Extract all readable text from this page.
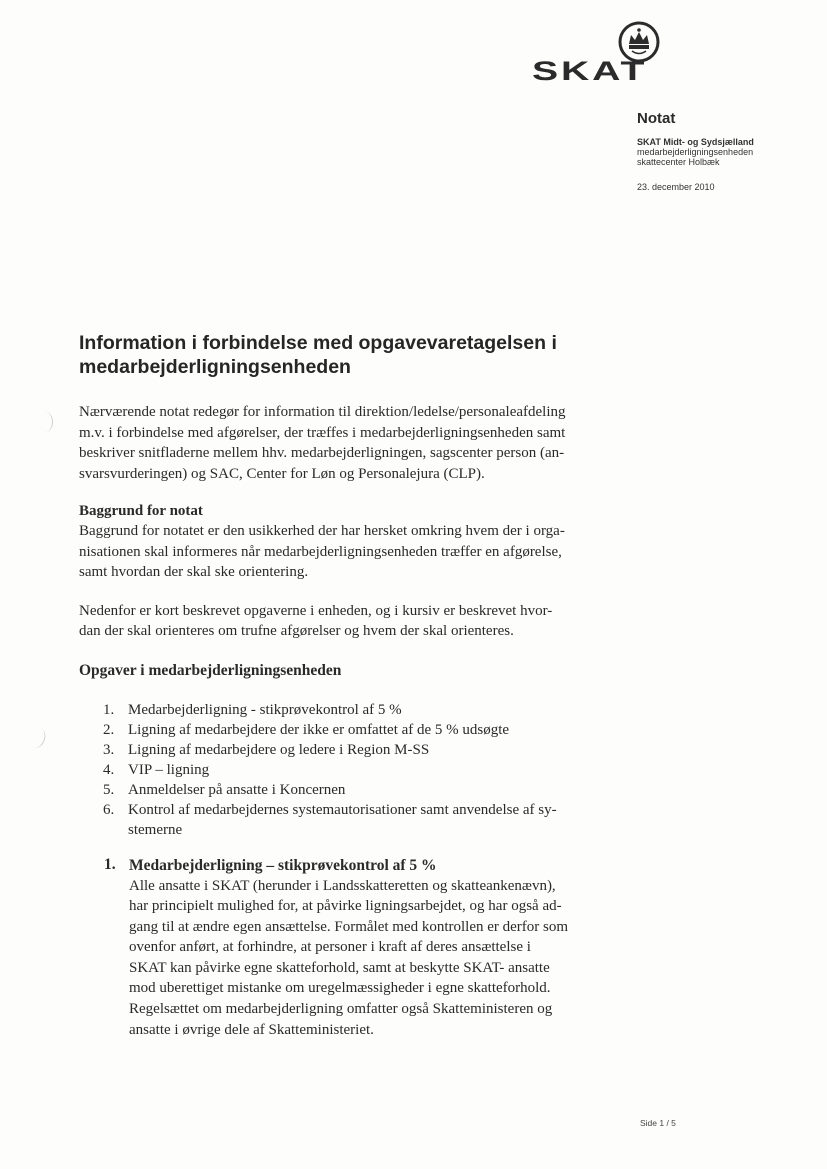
SKAT
Notat
SKAT Midt- og Sydsjælland
medarbejderligningsenheden
skattecenter Holbæk
23. december 2010
Information i forbindelse med opgavevaretagelsen i
medarbejderligningsenheden

Nærværende notat redegør for information til direktion/ledelse/personaleafdeling
m.v. i forbindelse med afgørelser, der træffes i medarbejderligningsenheden samt
beskriver snitfladerne mellem hhv. medarbejderligningen, sagscenter person (an-
svarsvurderingen) og SAC, Center for Løn og Personalejura (CLP).

Baggrund for notat

Baggrund for notatet er den usikkerhed der har hersket omkring hvem der i orga-
nisationen skal informeres når medarbejderligningsenheden træffer en afgørelse,
samt hvordan der skal ske orientering.

Nedenfor er kort beskrevet opgaverne i enheden, og i kursiv er beskrevet hvor-
dan der skal orienteres om trufne afgørelser og hvem der skal orienteres.

Opgaver i medarbejderligningsenheden

1. Medarbejderligning - stikprøvekontrol af 5 %
2. Ligning af medarbejdere der ikke er omfattet af de 5 % udsøgte
3. Ligning af medarbejdere og ledere i Region M-SS
4. VIP – ligning
5. Anmeldelser på ansatte i Koncernen
6. Kontrol af medarbejdernes systemautorisationer samt anvendelse af sy-
stemerne
1. Medarbejderligning – stikprøvekontrol af 5 %

Alle ansatte i SKAT (herunder i Landsskatteretten og skatteankenævn),
har principielt mulighed for, at påvirke ligningsarbejdet, og har også ad-
gang til at ændre egen ansættelse. Formålet med kontrollen er derfor som
ovenfor anført, at forhindre, at personer i kraft af deres ansættelse i
SKAT kan påvirke egne skatteforhold, samt at beskytte SKAT- ansatte
mod uberettiget mistanke om uregelmæssigheder i egne skatteforhold.
Regelsættet om medarbejderligning omfatter også Skatteministeren og
ansatte i øvrige dele af Skatteministeriet.

Side 1 / 5
